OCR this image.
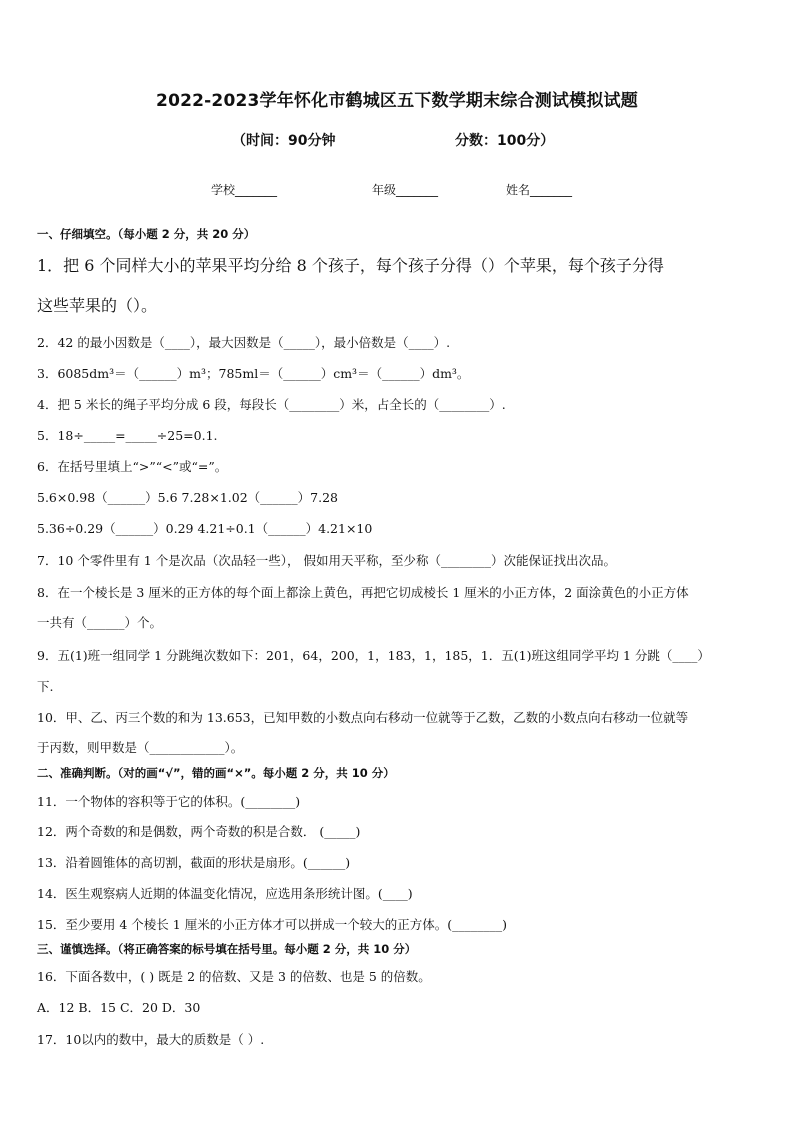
2022-2023学年怀化市鹤城区五下数学期末综合测试模拟试题
（时间：90分钟	分数：100分）
学校_______	年级_______	姓名_______
一、仔细填空。（每小题 2 分，共 20 分）
1．把 6 个同样大小的苹果平均分给 8 个孩子，每个孩子分得（）个苹果，每个孩子分得
这些苹果的（）。
2．42 的最小因数是（____），最大因数是（_____），最小倍数是（____）.
3．6085dm³＝（______）m³；785ml＝（______）cm³＝（______）dm³。
4．把 5 米长的绳子平均分成 6 段，每段长（________）米，占全长的（________）.
5．18÷_____=_____÷25=0.1.
6．在括号里填上“>”“<”或“=”。
5.6×0.98（______）5.6 7.28×1.02（______）7.28
5.36÷0.29（______）0.29 4.21÷0.1（______）4.21×10
7．10 个零件里有 1 个是次品（次品轻一些）， 假如用天平称，至少称（________）次能保证找出次品。
8．在一个棱长是 3 厘米的正方体的每个面上都涂上黄色，再把它切成棱长 1 厘米的小正方体，2 面涂黄色的小正方体
一共有（______）个。
9．五(1)班一组同学 1 分跳绳次数如下：201，64，200，1，183，1，185，1．五(1)班这组同学平均 1 分跳（____）
下.
10．甲、乙、丙三个数的和为 13.653，已知甲数的小数点向右移动一位就等于乙数，乙数的小数点向右移动一位就等
于丙数，则甲数是（____________）。
二、准确判断。（对的画“√”，错的画“×”。每小题 2 分，共 10 分）
11．一个物体的容积等于它的体积。(________)
12．两个奇数的和是偶数，两个奇数的积是合数． (_____)
13．沿着圆锥体的高切割，截面的形状是扇形。(______)
14．医生观察病人近期的体温变化情况，应选用条形统计图。(____)
15．至少要用 4 个棱长 1 厘米的小正方体才可以拼成一个较大的正方体。(________)
三、谨慎选择。（将正确答案的标号填在括号里。每小题 2 分，共 10 分）
16．下面各数中，( ) 既是 2 的倍数、又是 3 的倍数、也是 5 的倍数。
A．12 B．15 C．20 D．30
17．10以内的数中，最大的质数是（ ）.
